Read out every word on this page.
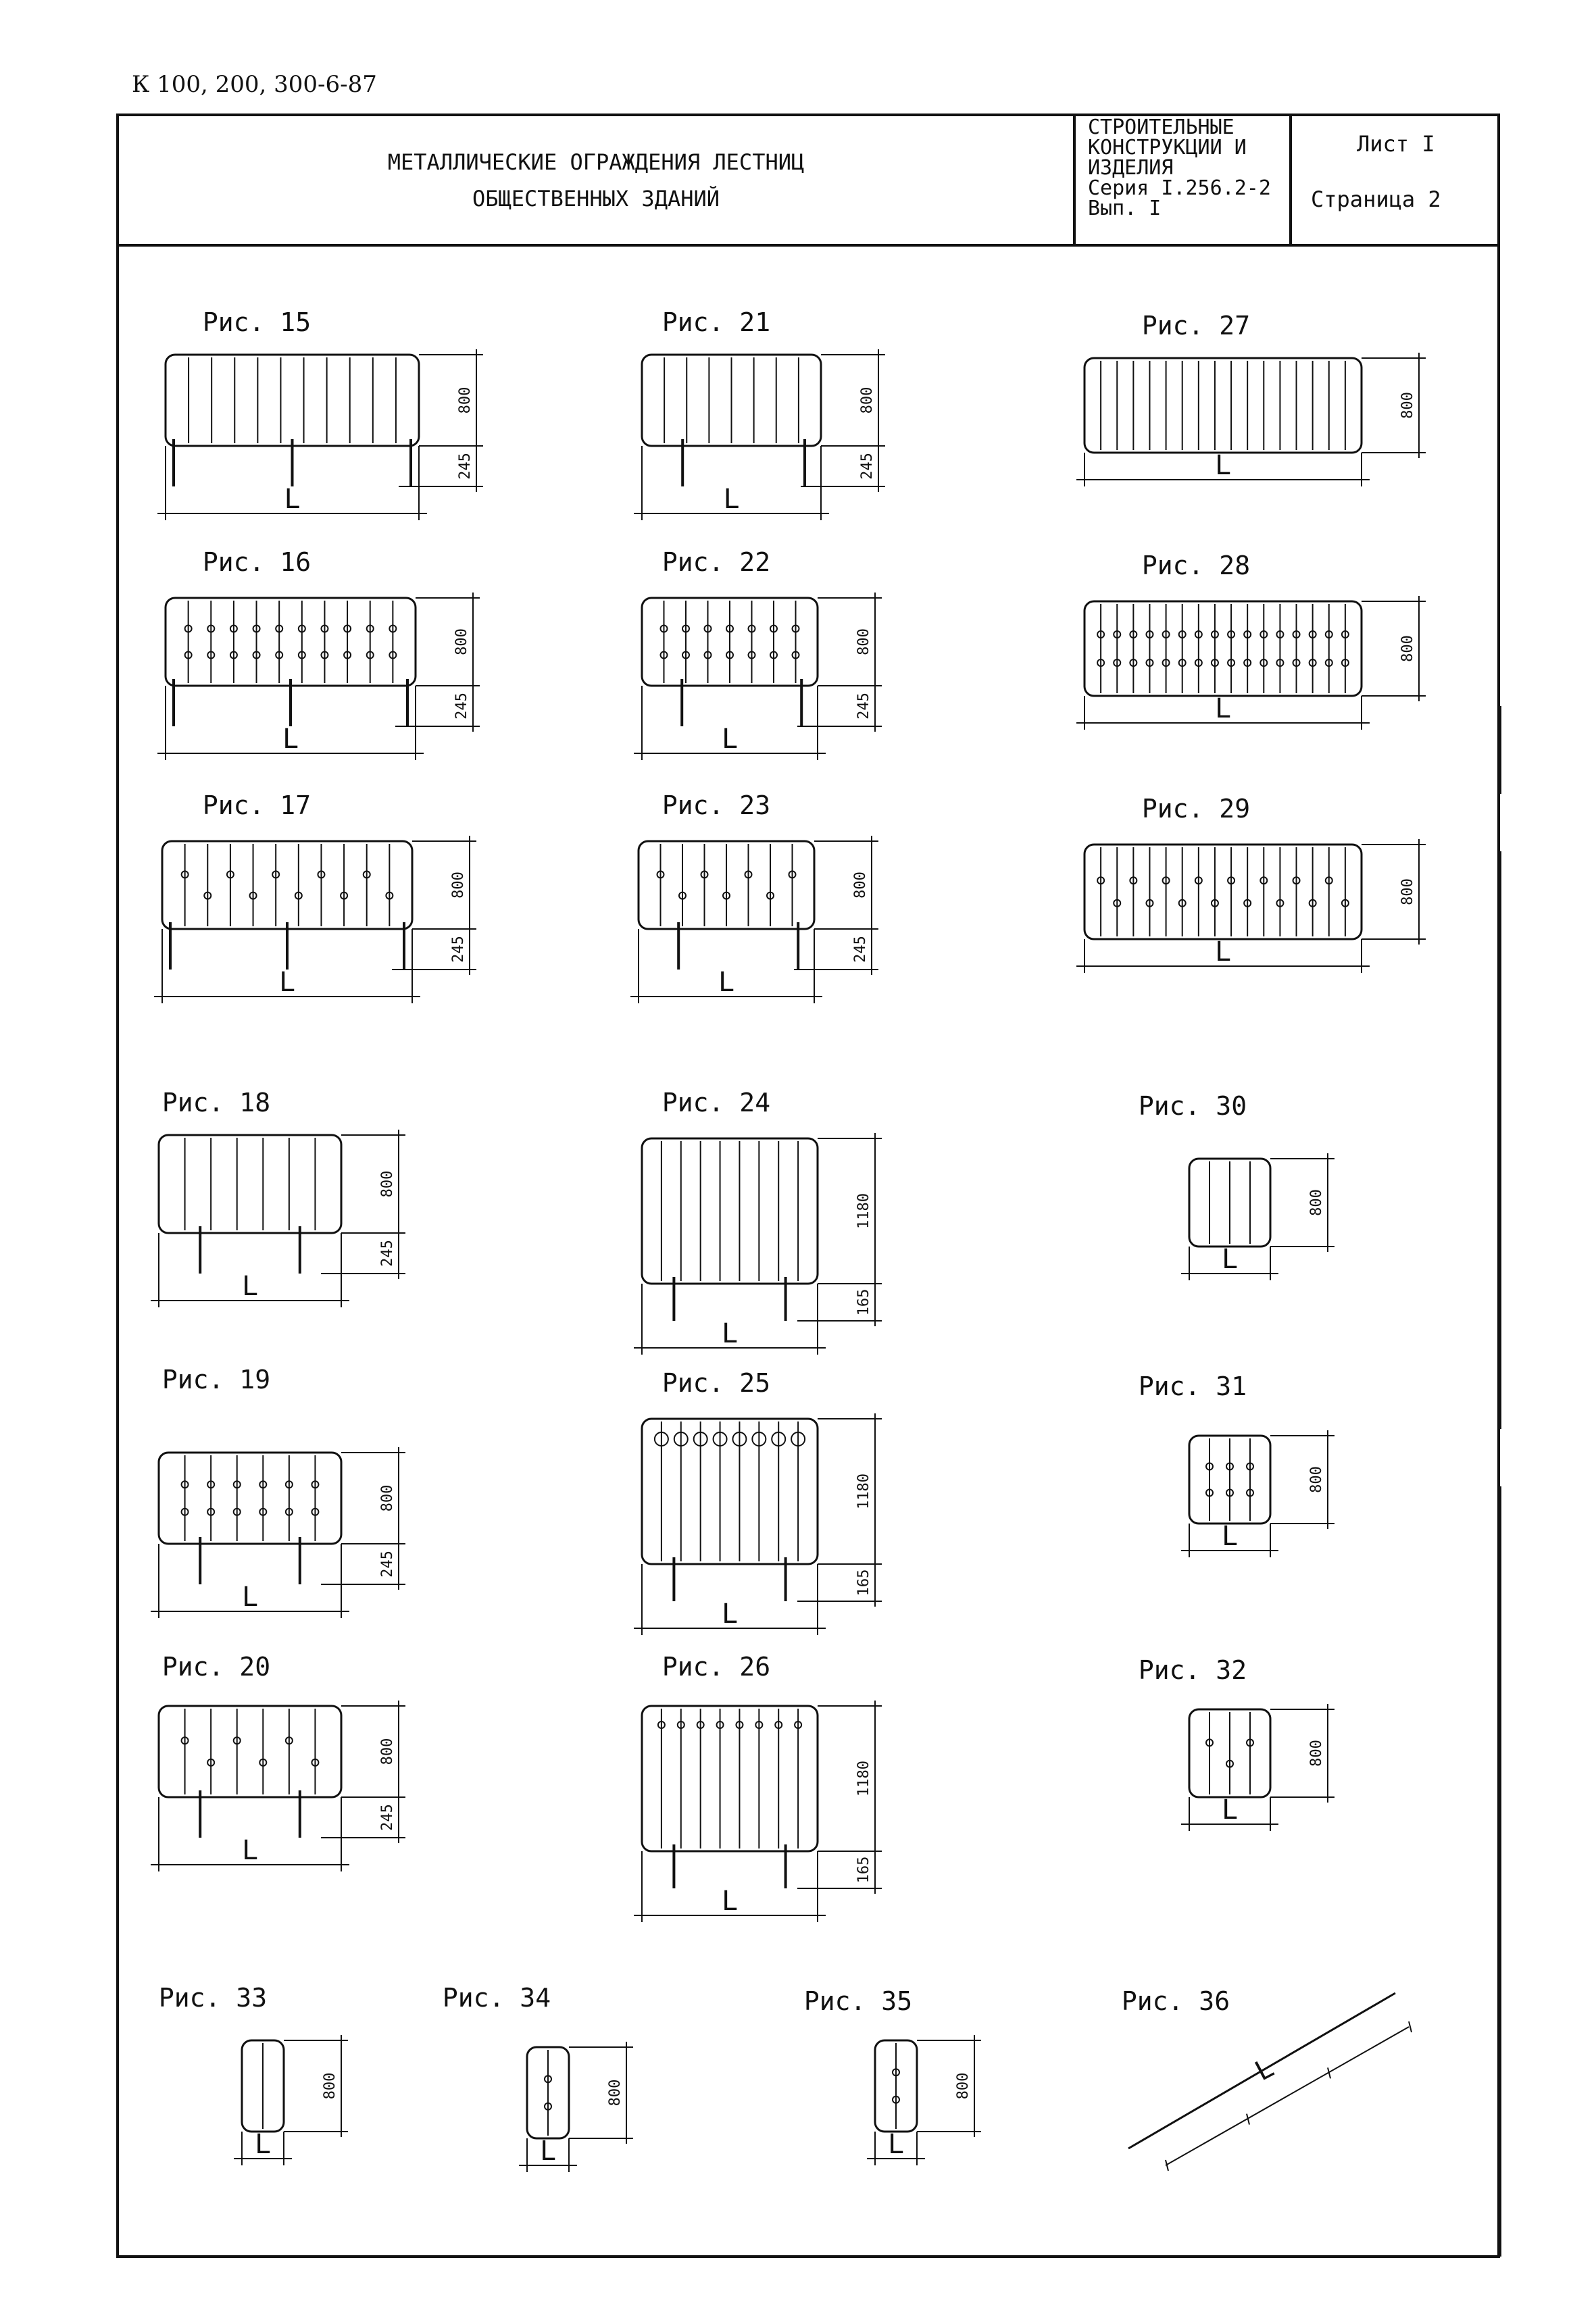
К 100, 200, 300-6-87
МЕТАЛЛИЧЕСКИЕ ОГРАЖДЕНИЯ ЛЕСТНИЦ
ОБЩЕСТВЕННЫХ ЗДАНИЙ
СТРОИТЕЛЬНЫЕ
КОНСТРУКЦИИ И
ИЗДЕЛИЯ
Серия I.256.2-2
Вып. I
Лист I
Страница 2
Рис. 15
800
245
L
Рис. 21
800
245
L
Рис. 27
800
L
Рис. 16
800
245
L
Рис. 22
800
245
L
Рис. 28
800
L
Рис. 17
800
245
L
Рис. 23
800
245
L
Рис. 29
800
L
Рис. 18
800
245
L
Рис. 24
1180
165
L
Рис. 30
800
L
Рис. 19
800
245
L
Рис. 25
1180
165
L
Рис. 31
800
L
Рис. 20
800
245
L
Рис. 26
1180
165
L
Рис. 32
800
L
Рис. 33
800
L
Рис. 34
800
L
Рис. 35
800
L
Рис. 36
L
